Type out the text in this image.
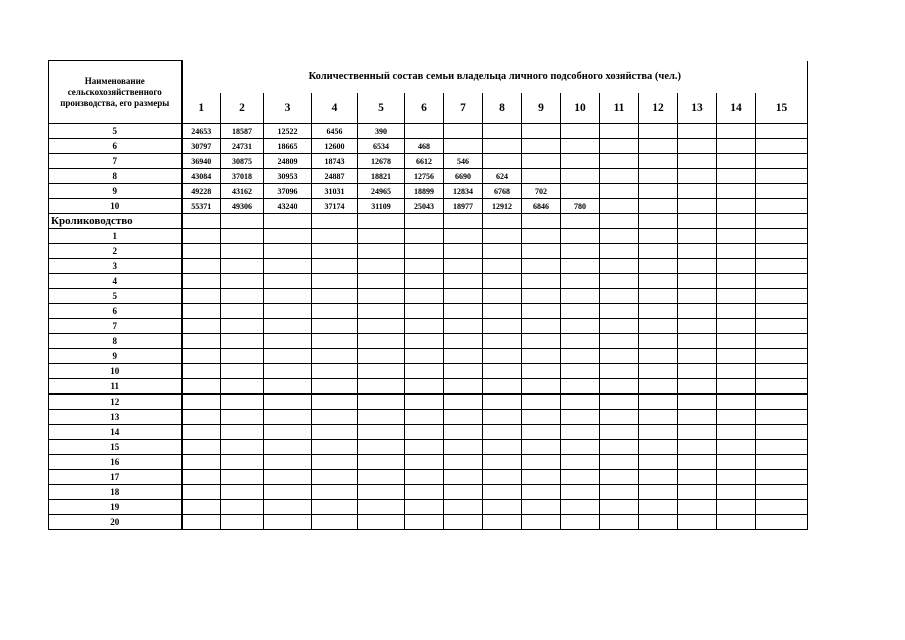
Наименование сельскохозяйственного производства, его размеры	Количественный состав семьи владельца личного подсобного хозяйства (чел.)														
	1	2	3	4	5	6	7	8	9	10	11	12	13	14	15
5	24653	18587	12522	6456	390										
6	30797	24731	18665	12600	6534	468									
7	36940	30875	24809	18743	12678	6612	546								
8	43084	37018	30953	24887	18821	12756	6690	624							
9	49228	43162	37096	31031	24965	18899	12834	6768	702						
10	55371	49306	43240	37174	31109	25043	18977	12912	6846	780					
Кролиководство															
1															
2															
3															
4															
5															
6															
7															
8															
9															
10															
11															
12															
13															
14															
15															
16															
17															
18															
19															
20															
